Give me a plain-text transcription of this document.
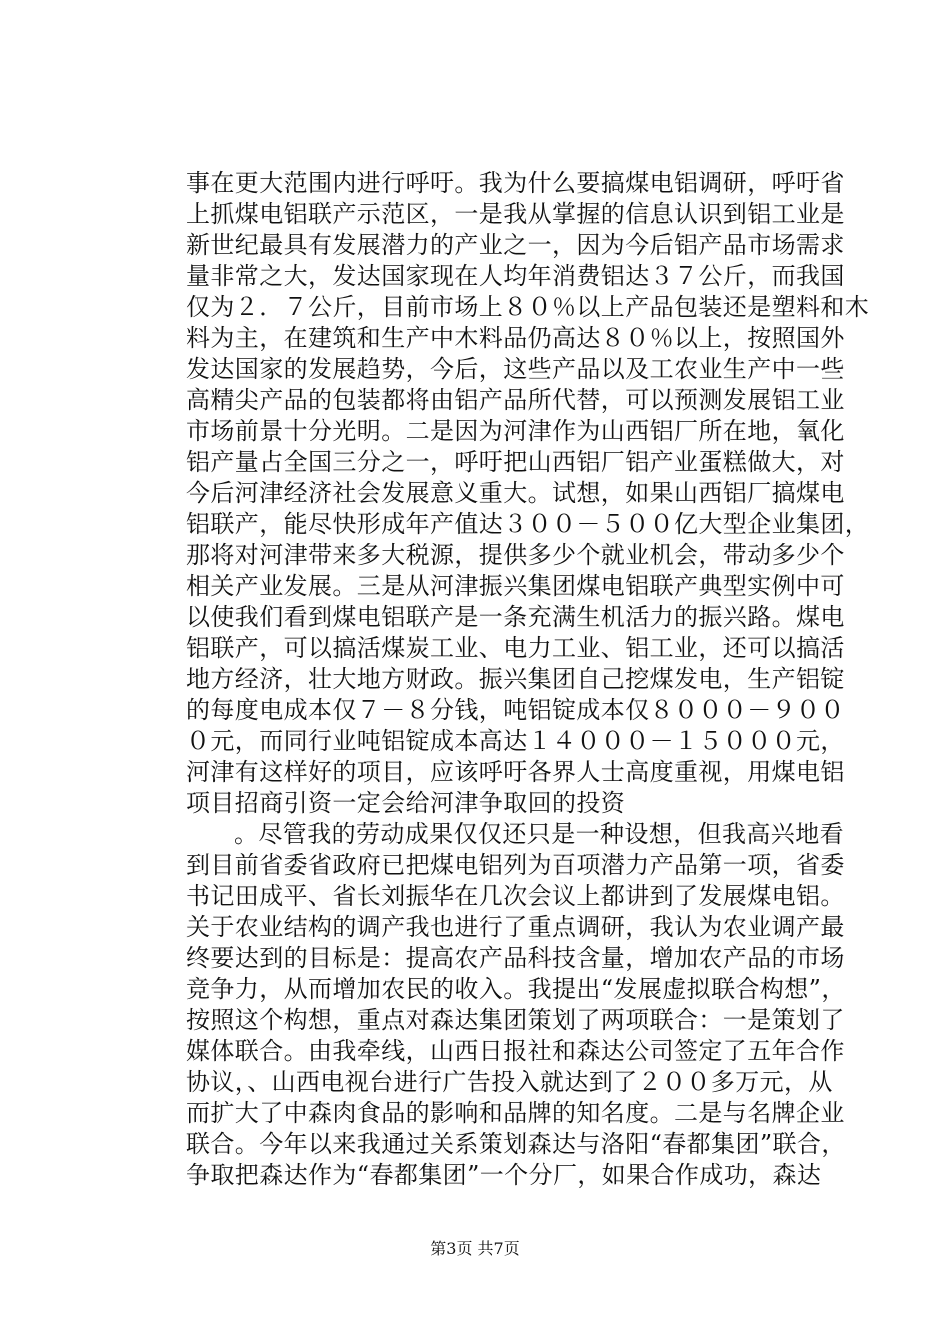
事在更大范围内进行呼吁。我为什么要搞煤电铝调研，呼吁省
上抓煤电铝联产示范区，一是我从掌握的信息认识到铝工业是
新世纪最具有发展潜力的产业之一，因为今后铝产品市场需求
量非常之大，发达国家现在人均年消费铝达３７公斤，而我国
仅为２．７公斤，目前市场上８０％以上产品包装还是塑料和木
料为主，在建筑和生产中木料品仍高达８０％以上，按照国外
发达国家的发展趋势，今后，这些产品以及工农业生产中一些
高精尖产品的包装都将由铝产品所代替，可以预测发展铝工业
市场前景十分光明。二是因为河津作为山西铝厂所在地，氧化
铝产量占全国三分之一，呼吁把山西铝厂铝产业蛋糕做大，对
今后河津经济社会发展意义重大。试想，如果山西铝厂搞煤电
铝联产，能尽快形成年产值达３００－５００亿大型企业集团，
那将对河津带来多大税源，提供多少个就业机会，带动多少个
相关产业发展。三是从河津振兴集团煤电铝联产典型实例中可
以使我们看到煤电铝联产是一条充满生机活力的振兴路。煤电
铝联产，可以搞活煤炭工业、电力工业、铝工业，还可以搞活
地方经济，壮大地方财政。振兴集团自己挖煤发电，生产铝锭
的每度电成本仅７－８分钱，吨铝锭成本仅８０００－９００
０元，而同行业吨铝锭成本高达１４０００－１５０００元，
河津有这样好的项目，应该呼吁各界人士高度重视，用煤电铝
项目招商引资一定会给河津争取回的投资
。尽管我的劳动成果仅仅还只是一种设想，但我高兴地看
到目前省委省政府已把煤电铝列为百项潜力产品第一项，省委
书记田成平、省长刘振华在几次会议上都讲到了发展煤电铝。
关于农业结构的调产我也进行了重点调研，我认为农业调产最
终要达到的目标是：提高农产品科技含量，增加农产品的市场
竞争力，从而增加农民的收入。我提出“发展虚拟联合构想”，
按照这个构想，重点对森达集团策划了两项联合：一是策划了
媒体联合。由我牵线，山西日报社和森达公司签定了五年合作
协议，、山西电视台进行广告投入就达到了２００多万元，从
而扩大了中森肉食品的影响和品牌的知名度。二是与名牌企业
联合。今年以来我通过关系策划森达与洛阳“春都集团”联合，
争取把森达作为“春都集团”一个分厂，如果合作成功，森达
第3页 共7页
